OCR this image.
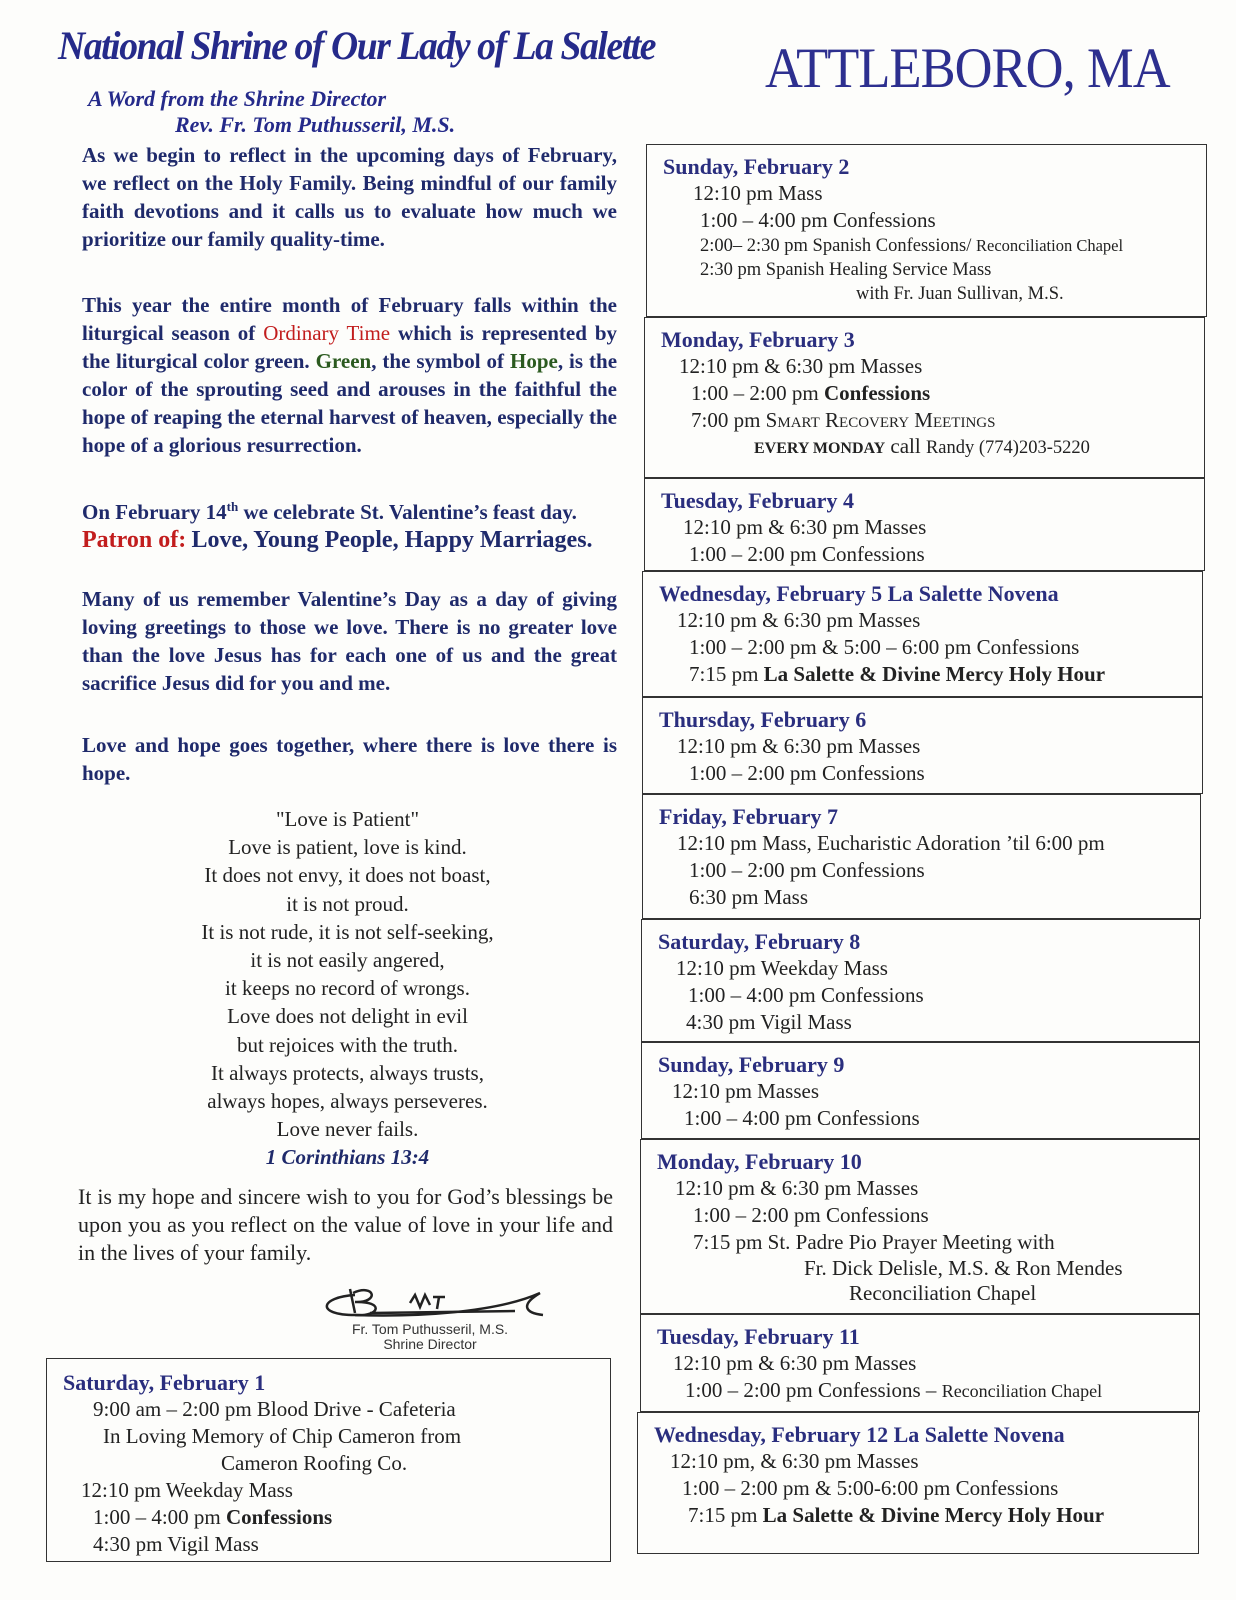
National Shrine of Our Lady of La Salette ATTLEBORO, MA
A Word from the Shrine Director
Rev. Fr. Tom Puthusseril, M.S.

As we begin to reflect in the upcoming days of February, we reflect on the Holy Family. Being mindful of our family faith devotions and it calls us to evaluate how much we prioritize our family quality-time.

This year the entire month of February falls within the liturgical season of Ordinary Time which is represented by the liturgical color green. Green, the symbol of Hope, is the color of the sprouting seed and arouses in the faithful the hope of reaping the eternal harvest of heaven, especially the hope of a glorious resurrection.

On February 14th we celebrate St. Valentine’s feast day. Patron of: Love, Young People, Happy Marriages.

Many of us remember Valentine’s Day as a day of giving loving greetings to those we love. There is no greater love than the love Jesus has for each one of us and the great sacrifice Jesus did for you and me.

Love and hope goes together, where there is love there is hope.

"Love is Patient"
Love is patient, love is kind.
It does not envy, it does not boast,
it is not proud.
It is not rude, it is not self-seeking,
it is not easily angered,
it keeps no record of wrongs.
Love does not delight in evil
but rejoices with the truth.
It always protects, always trusts,
always hopes, always perseveres.
Love never fails.
1 Corinthians 13:4

It is my hope and sincere wish to you for God’s blessings be upon you as you reflect on the value of love in your life and in the lives of your family.

Fr. Tom Puthusseril, M.S.
Shrine Director
Saturday, February 1
9:00 am – 2:00 pm Blood Drive - Cafeteria
In Loving Memory of Chip Cameron from
Cameron Roofing Co.
12:10 pm Weekday Mass
1:00 – 4:00 pm Confessions
4:30 pm Vigil Mass
Sunday, February 2
12:10 pm Mass
1:00 – 4:00 pm Confessions
2:00– 2:30 pm Spanish Confessions/ Reconciliation Chapel
2:30 pm Spanish Healing Service Mass
with Fr. Juan Sullivan, M.S.
Monday, February 3
12:10 pm & 6:30 pm Masses
1:00 – 2:00 pm Confessions
7:00 pm Smart Recovery Meetings
EVERY MONDAY call Randy (774)203-5220
Tuesday, February 4
12:10 pm & 6:30 pm Masses
1:00 – 2:00 pm Confessions
Wednesday, February 5 La Salette Novena
12:10 pm & 6:30 pm Masses
1:00 – 2:00 pm & 5:00 – 6:00 pm Confessions
7:15 pm La Salette & Divine Mercy Holy Hour
Thursday, February 6
12:10 pm & 6:30 pm Masses
1:00 – 2:00 pm Confessions
Friday, February 7
12:10 pm Mass, Eucharistic Adoration ’til 6:00 pm
1:00 – 2:00 pm Confessions
6:30 pm Mass
Saturday, February 8
12:10 pm Weekday Mass
1:00 – 4:00 pm Confessions
4:30 pm Vigil Mass
Sunday, February 9
12:10 pm Masses
1:00 – 4:00 pm Confessions
Monday, February 10
12:10 pm & 6:30 pm Masses
1:00 – 2:00 pm Confessions
7:15 pm St. Padre Pio Prayer Meeting with
Fr. Dick Delisle, M.S. & Ron Mendes
Reconciliation Chapel
Tuesday, February 11
12:10 pm & 6:30 pm Masses
1:00 – 2:00 pm Confessions – Reconciliation Chapel
Wednesday, February 12 La Salette Novena
12:10 pm, & 6:30 pm Masses
1:00 – 2:00 pm & 5:00-6:00 pm Confessions
7:15 pm La Salette & Divine Mercy Holy Hour
